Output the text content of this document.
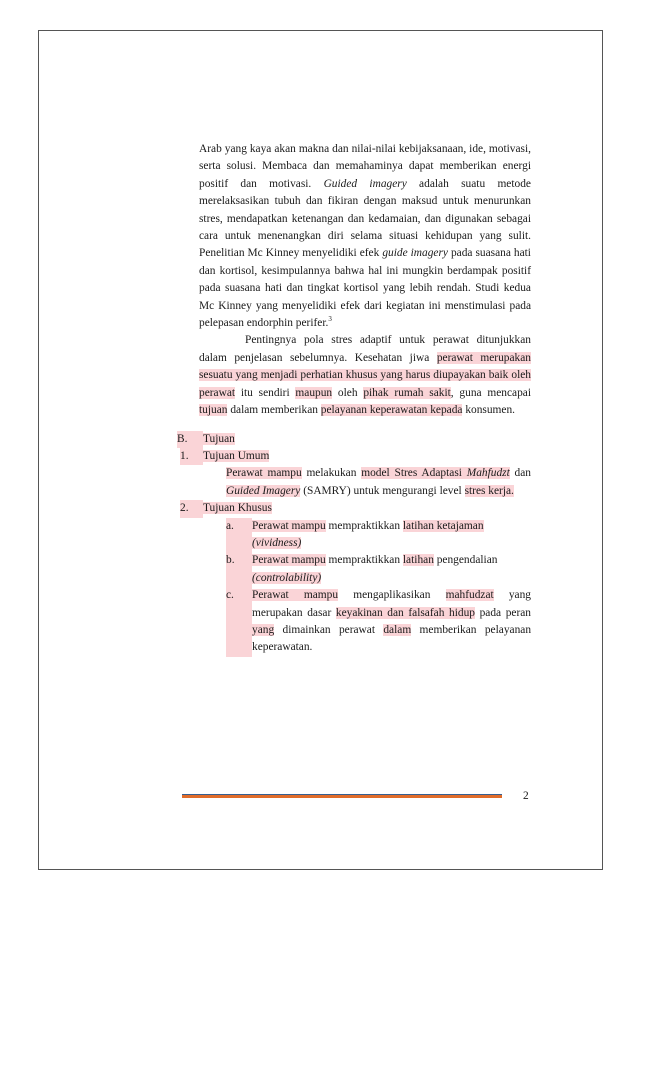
Arab yang kaya akan makna dan nilai-nilai kebijaksanaan, ide, motivasi, serta solusi. Membaca dan memahaminya dapat memberikan energi positif dan motivasi. Guided imagery adalah suatu metode merelaksasikan tubuh dan fikiran dengan maksud untuk menurunkan stres, mendapatkan ketenangan dan kedamaian, dan digunakan sebagai cara untuk menenangkan diri selama situasi kehidupan yang sulit. Penelitian Mc Kinney menyelidiki efek guide imagery pada suasana hati dan kortisol, kesimpulannya bahwa hal ini mungkin berdampak positif pada suasana hati dan tingkat kortisol yang lebih rendah. Studi kedua Mc Kinney yang menyelidiki efek dari kegiatan ini menstimulasi pada pelepasan endorphin perifer.$^3$

Pentingnya pola stres adaptif untuk perawat ditunjukkan dalam penjelasan sebelumnya. Kesehatan jiwa perawat merupakan sesuatu yang menjadi perhatian khusus yang harus diupayakan baik oleh perawat itu sendiri maupun oleh pihak rumah sakit, guna mencapai tujuan dalam memberikan pelayanan keperawatan kepada konsumen.

B.	Tujuan
1.	Tujuan Umum

Perawat mampu melakukan model Stres Adaptasi Mahfudzt dan Guided Imagery (SAMRY) untuk mengurangi level stres kerja.

2.	Tujuan Khusus
a.	Perawat mampu mempraktikkan latihan ketajaman
(vividness)
b.	Perawat mampu mempraktikkan latihan pengendalian
(controlability)
c.	Perawat mampu mengaplikasikan mahfudzat yang merupakan dasar keyakinan dan falsafah hidup pada peran yang dimainkan perawat dalam memberikan pelayanan keperawatan.
2
